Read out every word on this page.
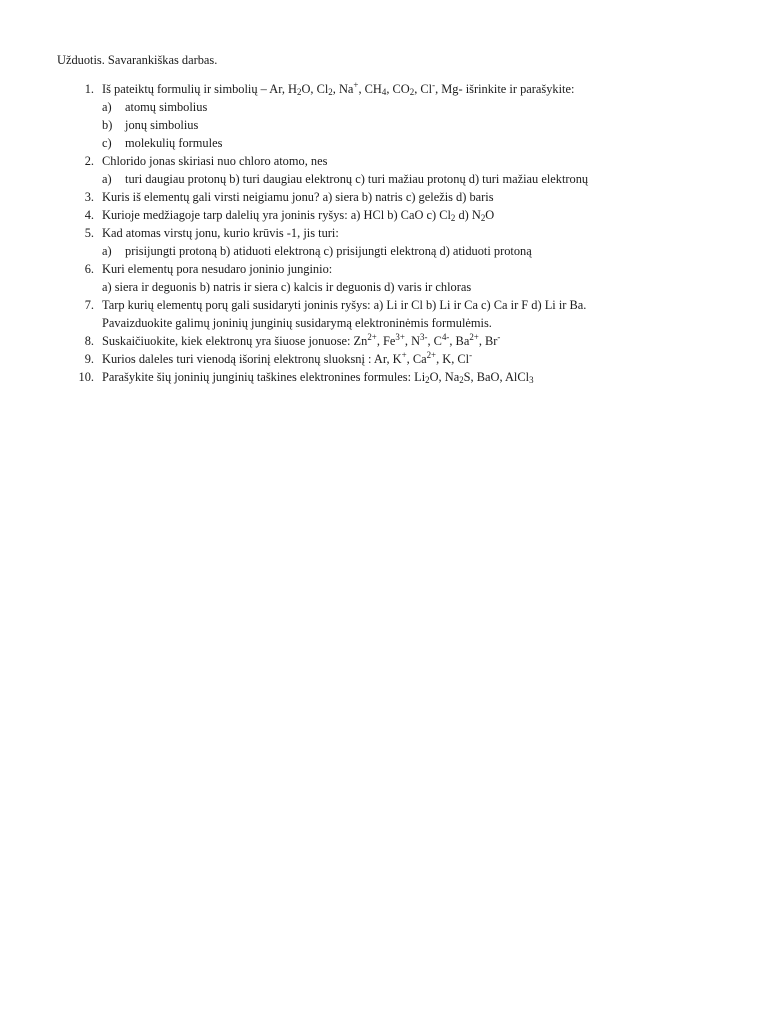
Užduotis. Savarankiškas darbas.
1. Iš pateiktų formulių ir simbolių – Ar, $H_2O$, $Cl_2$, Na+, $CH_4$, $CO_2$, Cl-, Mg- išrinkite ir parašykite:
a) atomų simbolius
b) jonų simbolius
c) molekulių formules
2. Chlorido jonas skiriasi nuo chloro atomo, nes
a) turi daugiau protonų b) turi daugiau elektronų c) turi mažiau protonų d) turi mažiau elektronų
3. Kuris iš elementų gali virsti neigiamu jonu? a) siera b) natris c) geležis d) baris
4. Kurioje medžiagoje tarp dalelių yra joninis ryšys: a) HCl b) CaO c) $Cl_2$ d) $N_2O$
5. Kad atomas virstų jonu, kurio krūvis -1, jis turi:
a) prisijungti protoną b) atiduoti elektroną c) prisijungti elektroną d) atiduoti protoną
6. Kuri elementų pora nesudaro joninio junginio:
a) siera ir deguonis b) natris ir siera c) kalcis ir deguonis d) varis ir chloras
7. Tarp kurių elementų porų gali susidaryti joninis ryšys: a) Li ir Cl b) Li ir Ca c) Ca ir F d) Li ir Ba.
Pavaizduokite galimų joninių junginių susidarymą elektroninėmis formulėmis.
8. Suskaičiuokite, kiek elektronų yra šiuose jonuose: $Zn^{2+}$, $Fe^{3+}$, $N^{3-}$, $C^{4-}$, $Ba^{2+}$, Br-
9. Kurios daleles turi vienodą išorinį elektronų sluoksnį : Ar, K+, $Ca^{2+}$, K, Cl-
10. Parašykite šių joninių junginių taškines elektronines formules: $Li_2O$, $Na_2S$, BaO, AlCl$_3$
